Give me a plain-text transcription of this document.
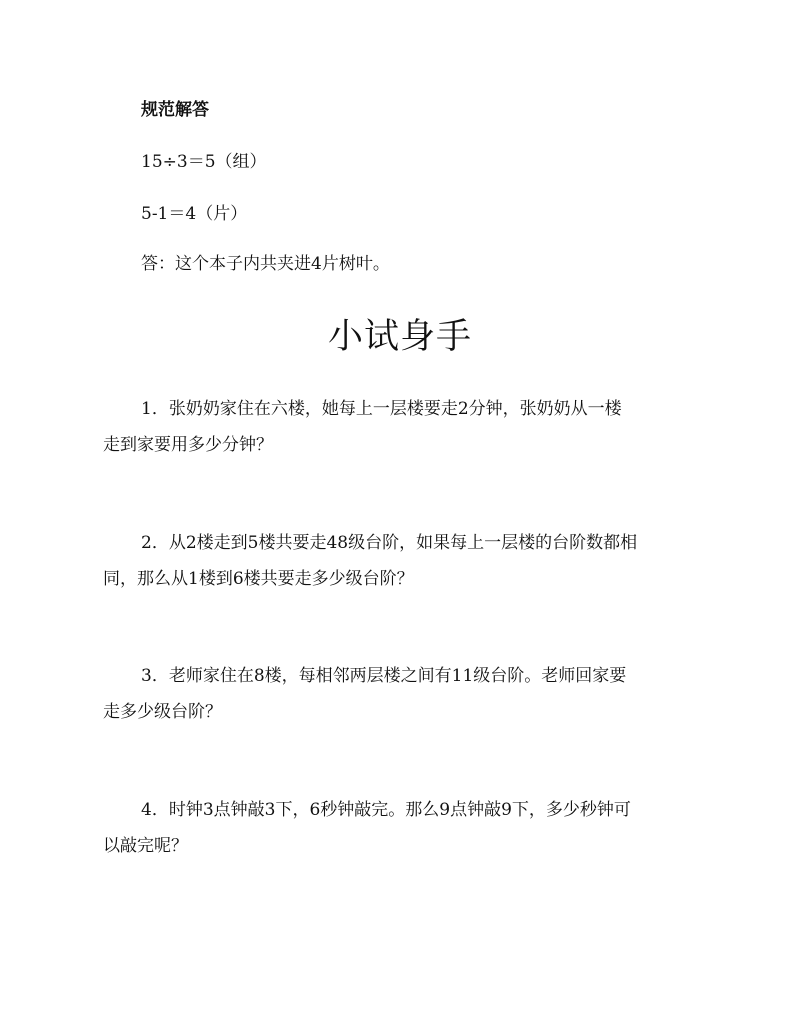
规范解答

15÷3＝5（组）

5-1＝4（片）

答：这个本子内共夹进4片树叶。

小试身手

1．张奶奶家住在六楼，她每上一层楼要走2分钟，张奶奶从一楼

走到家要用多少分钟？

2．从2楼走到5楼共要走48级台阶，如果每上一层楼的台阶数都相

同，那么从1楼到6楼共要走多少级台阶？

3．老师家住在8楼，每相邻两层楼之间有11级台阶。老师回家要

走多少级台阶？

4．时钟3点钟敲3下，6秒钟敲完。那么9点钟敲9下，多少秒钟可

以敲完呢？
